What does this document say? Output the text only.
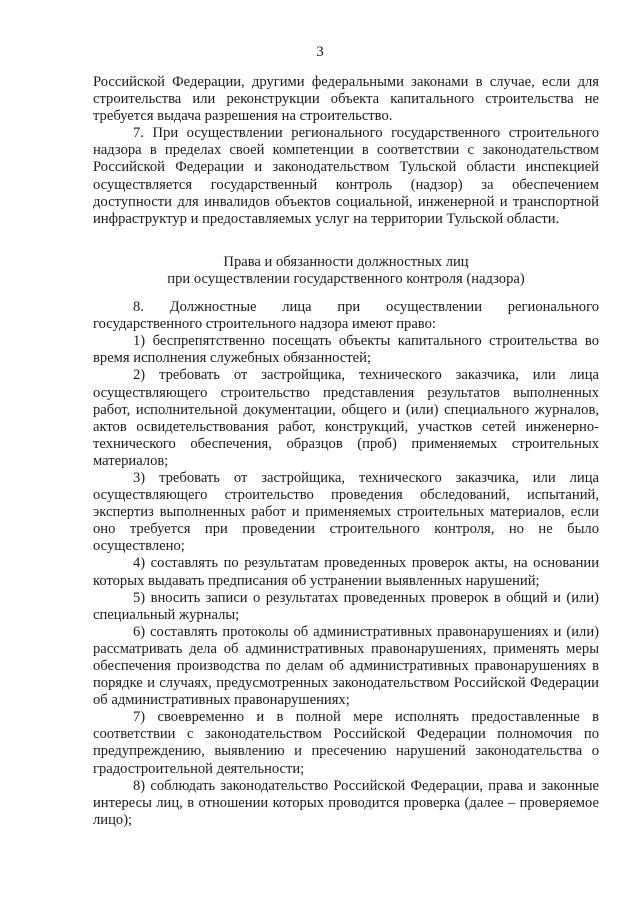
3

Российской Федерации, другими федеральными законами в случае, если для строительства или реконструкции объекта капитального строительства не требуется выдача разрешения на строительство.

7. При осуществлении регионального государственного строительного надзора в пределах своей компетенции в соответствии с законодательством Российской Федерации и законодательством Тульской области инспекцией осуществляется государственный контроль (надзор) за обеспечением доступности для инвалидов объектов социальной, инженерной и транспортной инфраструктур и предоставляемых услуг на территории Тульской области.

Права и обязанности должностных лиц
при осуществлении государственного контроля (надзора)

8. Должностные лица при осуществлении регионального государственного строительного надзора имеют право:

1) беспрепятственно посещать объекты капитального строительства во время исполнения служебных обязанностей;

2) требовать от застройщика, технического заказчика, или лица осуществляющего строительство представления результатов выполненных работ, исполнительной документации, общего и (или) специального журналов, актов освидетельствования работ, конструкций, участков сетей инженерно-технического обеспечения, образцов (проб) применяемых строительных материалов;

3) требовать от застройщика, технического заказчика, или лица осуществляющего строительство проведения обследований, испытаний, экспертиз выполненных работ и применяемых строительных материалов, если оно требуется при проведении строительного контроля, но не было осуществлено;

4) составлять по результатам проведенных проверок акты, на основании которых выдавать предписания об устранении выявленных нарушений;

5) вносить записи о результатах проведенных проверок в общий и (или) специальный журналы;

6) составлять протоколы об административных правонарушениях и (или) рассматривать дела об административных правонарушениях, применять меры обеспечения производства по делам об административных правонарушениях в порядке и случаях, предусмотренных законодательством Российской Федерации об административных правонарушениях;

7) своевременно и в полной мере исполнять предоставленные в соответствии с законодательством Российской Федерации полномочия по предупреждению, выявлению и пресечению нарушений законодательства о градостроительной деятельности;

8) соблюдать законодательство Российской Федерации, права и законные интересы лиц, в отношении которых проводится проверка (далее – проверяемое лицо);
